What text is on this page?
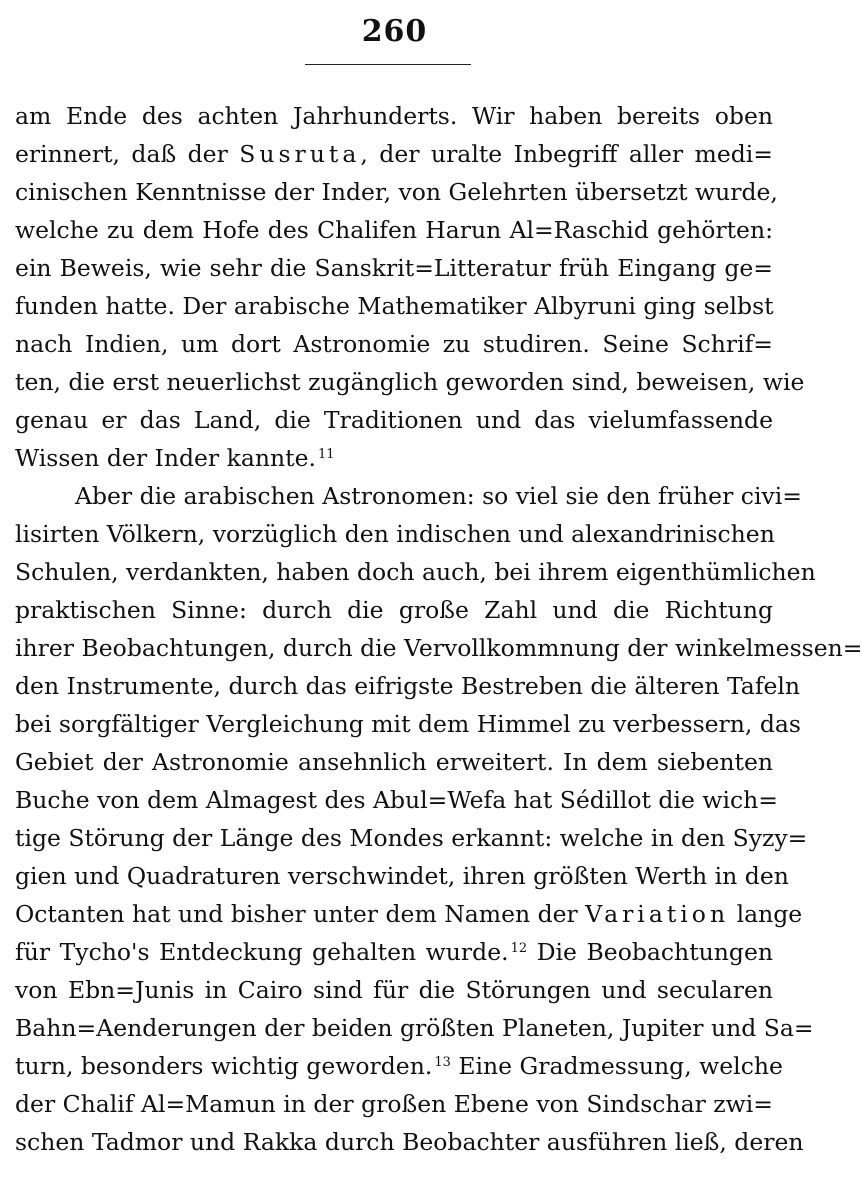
260
am Ende des achten Jahrhunderts. Wir haben bereits oben
erinnert, daß der Susruta, der uralte Inbegriff aller medi=
cinischen Kenntnisse der Inder, von Gelehrten übersetzt wurde,
welche zu dem Hofe des Chalifen Harun Al=Raschid gehörten:
ein Beweis, wie sehr die Sanskrit=Litteratur früh Eingang ge=
funden hatte. Der arabische Mathematiker Albyruni ging selbst
nach Indien, um dort Astronomie zu studiren. Seine Schrif=
ten, die erst neuerlichst zugänglich geworden sind, beweisen, wie
genau er das Land, die Traditionen und das vielumfassende
Wissen der Inder kannte. $^{11}$
Aber die arabischen Astronomen: so viel sie den früher civi=
lisirten Völkern, vorzüglich den indischen und alexandrinischen
Schulen, verdankten, haben doch auch, bei ihrem eigenthümlichen
praktischen Sinne: durch die große Zahl und die Richtung
ihrer Beobachtungen, durch die Vervollkommnung der winkelmessen=
den Instrumente, durch das eifrigste Bestreben die älteren Tafeln
bei sorgfältiger Vergleichung mit dem Himmel zu verbessern, das
Gebiet der Astronomie ansehnlich erweitert. In dem siebenten
Buche von dem Almagest des Abul=Wefa hat Sédillot die wich=
tige Störung der Länge des Mondes erkannt: welche in den Syzy=
gien und Quadraturen verschwindet, ihren größten Werth in den
Octanten hat und bisher unter dem Namen der Variation lange
für Tycho's Entdeckung gehalten wurde. $^{12}$ Die Beobachtungen
von Ebn=Junis in Cairo sind für die Störungen und secularen
Bahn=Aenderungen der beiden größten Planeten, Jupiter und Sa=
turn, besonders wichtig geworden. $^{13}$ Eine Gradmessung, welche
der Chalif Al=Mamun in der großen Ebene von Sindschar zwi=
schen Tadmor und Rakka durch Beobachter ausführen ließ, deren
